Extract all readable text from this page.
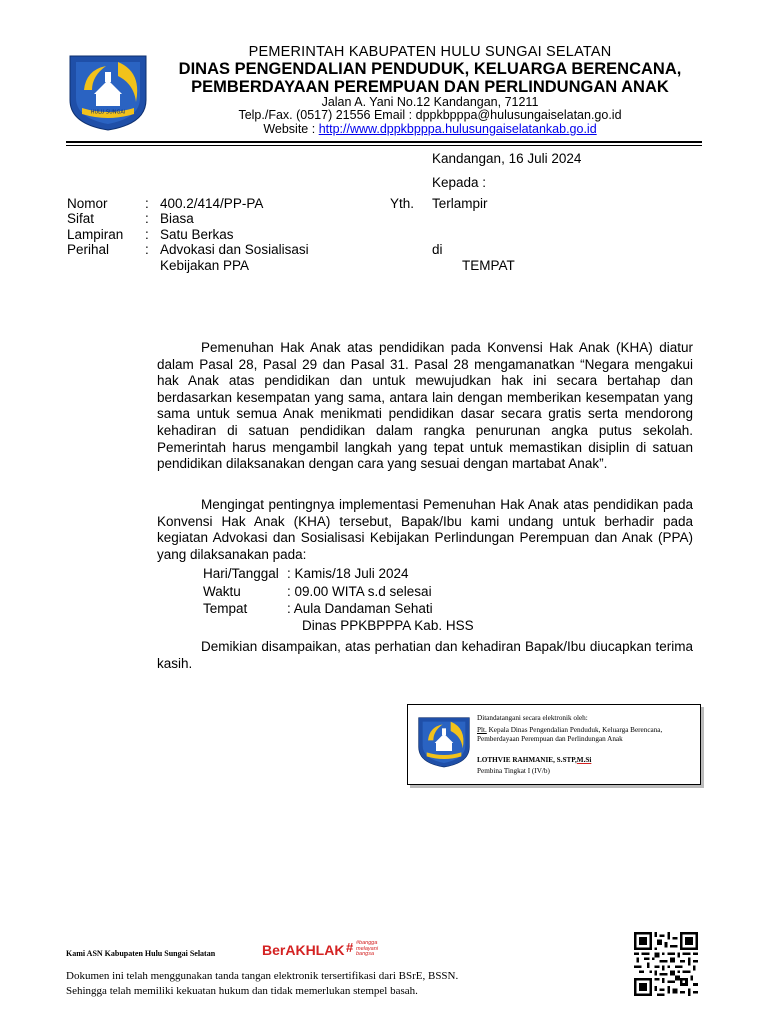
HULU SUNGAI
PEMERINTAH KABUPATEN HULU SUNGAI SELATAN
DINAS PENGENDALIAN PENDUDUK, KELUARGA BERENCANA,
PEMBERDAYAAN PEREMPUAN DAN PERLINDUNGAN ANAK
Jalan A. Yani No.12 Kandangan, 71211
Telp./Fax. (0517) 21556 Email : dppkbpppa@hulusungaiselatan.go.id
Website : http://www.dppkbpppa.hulusungaiselatankab.go.id
Kandangan, 16 Juli 2024
Kepada :
Nomor	: 400.2/414/PP-PA
Sifat	: Biasa
Lampiran : Satu Berkas
Perihal	: Advokasi dan Sosialisasi
Kebijakan PPA
Yth. Terlampir
di
TEMPAT
Pemenuhan Hak Anak atas pendidikan pada Konvensi Hak Anak (KHA) diatur dalam Pasal 28, Pasal 29 dan Pasal 31. Pasal 28 mengamanatkan “Negara mengakui hak Anak atas pendidikan dan untuk mewujudkan hak ini secara bertahap dan berdasarkan kesempatan yang sama, antara lain dengan memberikan kesempatan yang sama untuk semua Anak menikmati pendidikan dasar secara gratis serta mendorong kehadiran di satuan pendidikan dalam rangka penurunan angka putus sekolah. Pemerintah harus mengambil langkah yang tepat untuk memastikan disiplin di satuan pendidikan dilaksanakan dengan cara yang sesuai dengan martabat Anak”.
Mengingat pentingnya implementasi Pemenuhan Hak Anak atas pendidikan pada Konvensi Hak Anak (KHA) tersebut, Bapak/Ibu kami undang untuk berhadir pada kegiatan Advokasi dan Sosialisasi Kebijakan Perlindungan Perempuan dan Anak (PPA) yang dilaksanakan pada:
Hari/Tanggal : Kamis/18 Juli 2024
Waktu	: 09.00 WITA s.d selesai
Tempat	: Aula Dandaman Sehati
Dinas PPKBPPPA Kab. HSS
Demikian disampaikan, atas perhatian dan kehadiran Bapak/Ibu diucapkan terima kasih.
Ditandatangani secara elektronik oleh:
Plt. Kepala Dinas Pengendalian Penduduk, Keluarga Berencana,
Pemberdayaan Perempuan dan Perlindungan Anak
LOTHVIE RAHMANIE, S.STP,M.Si
Pembina Tingkat I (IV/b)
Kami ASN Kabupaten Hulu Sungai Selatan	BerAKHLAK # #bangga
melayani
bangsa
Dokumen ini telah menggunakan tanda tangan elektronik tersertifikasi dari BSrE, BSSN.
Sehingga telah memiliki kekuatan hukum dan tidak memerlukan stempel basah.
